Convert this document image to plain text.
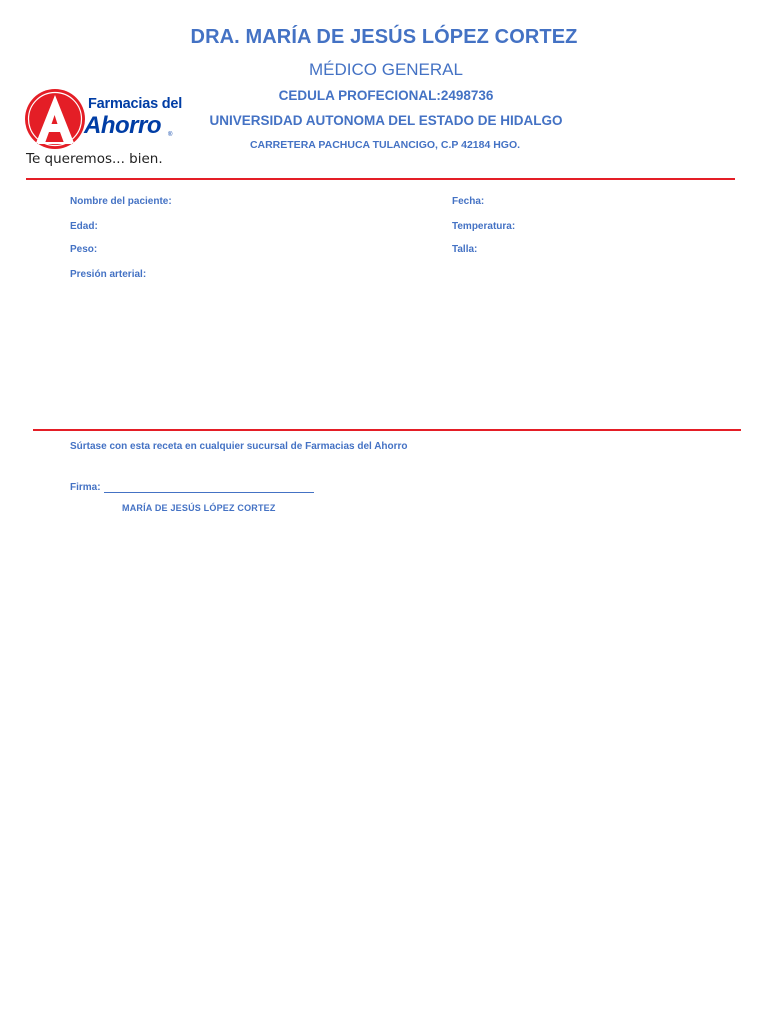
DRA. MARÍA DE JESÚS LÓPEZ CORTEZ
MÉDICO GENERAL
CEDULA PROFECIONAL:2498736
UNIVERSIDAD AUTONOMA DEL ESTADO DE HIDALGO
CARRETERA PACHUCA TULANCIGO, C.P 42184 HGO.
Farmacias del
Ahorro ®
Te queremos... bien.
Nombre del paciente:	Fecha:
Edad:	Temperatura:
Peso:	Talla:
Presión arterial:
Súrtase con esta receta en cualquier sucursal de Farmacias del Ahorro
Firma:
MARÍA DE JESÚS LÓPEZ CORTEZ
